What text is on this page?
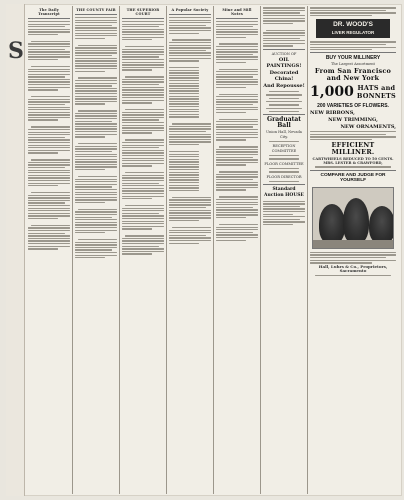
S
The Daily Transcript
THE COUNTY FAIR	THE SUPERIOR COURT
A Popular Society	Mine and Mill Notes
AUCTION OF
OIL PAINTINGS!
Decorated China!
And Repousse!
Graduatat Ball
Union Hall, Nevada City.
RECEPTION COMMITTEE
FLOOR COMMITTEE
FLOOR DIRECTOR
Standard Auction HOUSE
DR. WOOD'S
LIVER REGULATOR
BUY YOUR MILLINERY
The Largest Assortment
From San Francisco and New York
1,000 HATS and
BONNETS
200 VARIETIES OF FLOWERS.
NEW RIBBONS,
NEW TRIMMING,
NEW ORNAMENTS,
EFFICIENT MILLINER.
CARTWHEELS REDUCED TO 50 CENTS.
MRS. LESTER & CRAWFORD,
COMPARE AND JUDGE FOR YOURSELF
Hall, Luhrs & Co., Proprietors, Sacramento
